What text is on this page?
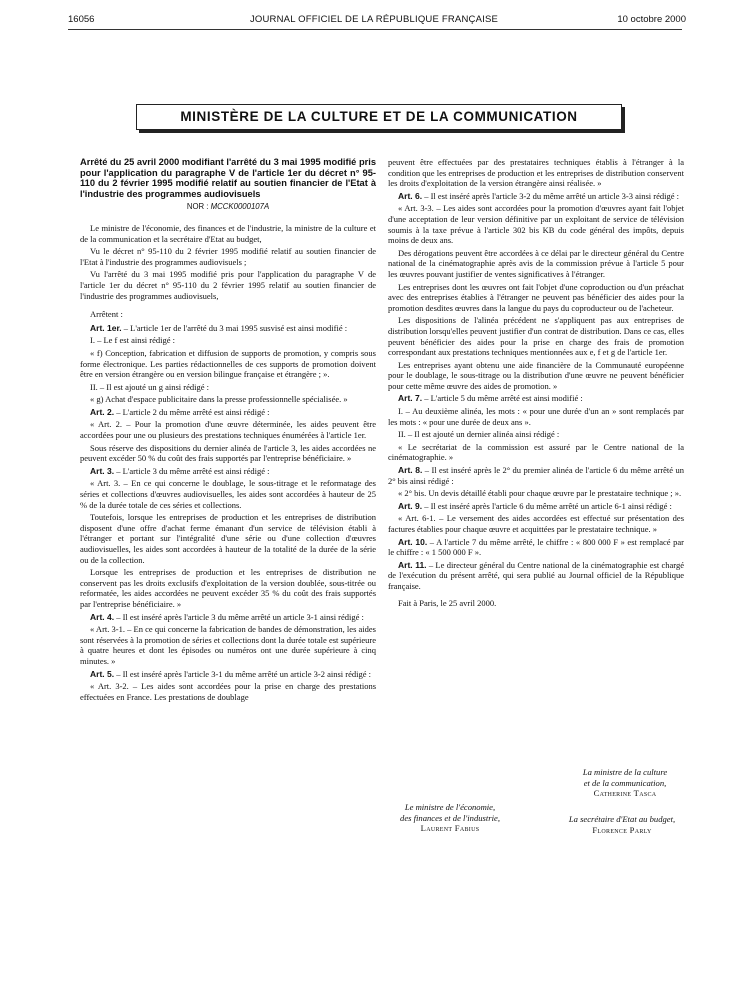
16056	JOURNAL OFFICIEL DE LA RÉPUBLIQUE FRANÇAISE	10 octobre 2000
MINISTÈRE DE LA CULTURE ET DE LA COMMUNICATION

Arrêté du 25 avril 2000 modifiant l'arrêté du 3 mai 1995 modifié pris pour l'application du paragraphe V de l'article 1er du décret n° 95-110 du 2 février 1995 modifié relatif au soutien financier de l'Etat à l'industrie des programmes audiovisuels

NOR : MCCK0000107A

Le ministre de l'économie, des finances et de l'industrie, la ministre de la culture et de la communication et la secrétaire d'Etat au budget,

Vu le décret n° 95-110 du 2 février 1995 modifié relatif au soutien financier de l'Etat à l'industrie des programmes audiovisuels ;

Vu l'arrêté du 3 mai 1995 modifié pris pour l'application du paragraphe V de l'article 1er du décret n° 95-110 du 2 février 1995 relatif au soutien financier de l'industrie des programmes audiovisuels,

Arrêtent :

Art. 1er. – L'article 1er de l'arrêté du 3 mai 1995 susvisé est ainsi modifié :

I. – Le f est ainsi rédigé :

« f) Conception, fabrication et diffusion de supports de promotion, y compris sous forme électronique. Les parties rédactionnelles de ces supports de promotion doivent être en version étrangère ou en version bilingue française et étrangère ; ».

II. – Il est ajouté un g ainsi rédigé :

« g) Achat d'espace publicitaire dans la presse professionnelle spécialisée. »

Art. 2. – L'article 2 du même arrêté est ainsi rédigé :

« Art. 2. – Pour la promotion d'une œuvre déterminée, les aides peuvent être accordées pour une ou plusieurs des prestations techniques énumérées à l'article 1er.

Sous réserve des dispositions du dernier alinéa de l'article 3, les aides accordées ne peuvent excéder 50 % du coût des frais supportés par l'entreprise bénéficiaire. »

Art. 3. – L'article 3 du même arrêté est ainsi rédigé :

« Art. 3. – En ce qui concerne le doublage, le sous-titrage et le reformatage des séries et collections d'œuvres audiovisuelles, les aides sont accordées à hauteur de 25 % de la durée totale de ces séries et collections.

Toutefois, lorsque les entreprises de production et les entreprises de distribution disposent d'une offre d'achat ferme émanant d'un service de télévision établi à l'étranger et portant sur l'intégralité d'une série ou d'une collection d'œuvres audiovisuelles, les aides sont accordées à hauteur de la totalité de la durée de la série ou de la collection.

Lorsque les entreprises de production et les entreprises de distribution ne conservent pas les droits exclusifs d'exploitation de la version doublée, sous-titrée ou reformatée, les aides accordées ne peuvent excéder 35 % du coût des frais supportés par l'entreprise bénéficiaire. »

Art. 4. – Il est inséré après l'article 3 du même arrêté un article 3-1 ainsi rédigé :

« Art. 3-1. – En ce qui concerne la fabrication de bandes de démonstration, les aides sont réservées à la promotion de séries et collections dont la durée totale est supérieure à quatre heures et dont les épisodes ou numéros ont une durée supérieure à cinq minutes. »

Art. 5. – Il est inséré après l'article 3-1 du même arrêté un article 3-2 ainsi rédigé :

« Art. 3-2. – Les aides sont accordées pour la prise en charge des prestations effectuées en France. Les prestations de doublage

peuvent être effectuées par des prestataires techniques établis à l'étranger à la condition que les entreprises de production et les entreprises de distribution conservent les droits d'exploitation de la version étrangère ainsi réalisée. »

Art. 6. – Il est inséré après l'article 3-2 du même arrêté un article 3-3 ainsi rédigé :

« Art. 3-3. – Les aides sont accordées pour la promotion d'œuvres ayant fait l'objet d'une acceptation de leur version définitive par un exploitant de service de télévision soumis à la taxe prévue à l'article 302 bis KB du code général des impôts, depuis moins de deux ans.

Des dérogations peuvent être accordées à ce délai par le directeur général du Centre national de la cinématographie après avis de la commission prévue à l'article 5 pour les œuvres pouvant justifier de ventes significatives à l'étranger.

Les entreprises dont les œuvres ont fait l'objet d'une coproduction ou d'un préachat avec des entreprises établies à l'étranger ne peuvent pas bénéficier des aides pour la promotion desdites œuvres dans la langue du pays du coproducteur ou de l'acheteur.

Les dispositions de l'alinéa précédent ne s'appliquent pas aux entreprises de distribution lorsqu'elles peuvent justifier d'un contrat de distribution. Dans ce cas, elles peuvent bénéficier des aides pour la prise en charge des frais de promotion correspondant aux prestations techniques mentionnées aux e, f et g de l'article 1er.

Les entreprises ayant obtenu une aide financière de la Communauté européenne pour le doublage, le sous-titrage ou la distribution d'une œuvre ne peuvent bénéficier pour cette même œuvre des aides de promotion. »

Art. 7. – L'article 5 du même arrêté est ainsi modifié :

I. – Au deuxième alinéa, les mots : « pour une durée d'un an » sont remplacés par les mots : « pour une durée de deux ans ».

II. – Il est ajouté un dernier alinéa ainsi rédigé :

« Le secrétariat de la commission est assuré par le Centre national de la cinématographie. »

Art. 8. – Il est inséré après le 2° du premier alinéa de l'article 6 du même arrêté un 2° bis ainsi rédigé :

« 2° bis. Un devis détaillé établi pour chaque œuvre par le prestataire technique ; ».

Art. 9. – Il est inséré après l'article 6 du même arrêté un article 6-1 ainsi rédigé :

« Art. 6-1. – Le versement des aides accordées est effectué sur présentation des factures établies pour chaque œuvre et acquittées par le prestataire technique. »

Art. 10. – A l'article 7 du même arrêté, le chiffre : « 800 000 F » est remplacé par le chiffre : « 1 500 000 F ».

Art. 11. – Le directeur général du Centre national de la cinématographie est chargé de l'exécution du présent arrêté, qui sera publié au Journal officiel de la République française.

Fait à Paris, le 25 avril 2000.

La ministre de la culture
et de la communication,
Catherine Tasca
Le ministre de l'économie,
des finances et de l'industrie,
Laurent Fabius
La secrétaire d'Etat au budget,
Florence Parly
